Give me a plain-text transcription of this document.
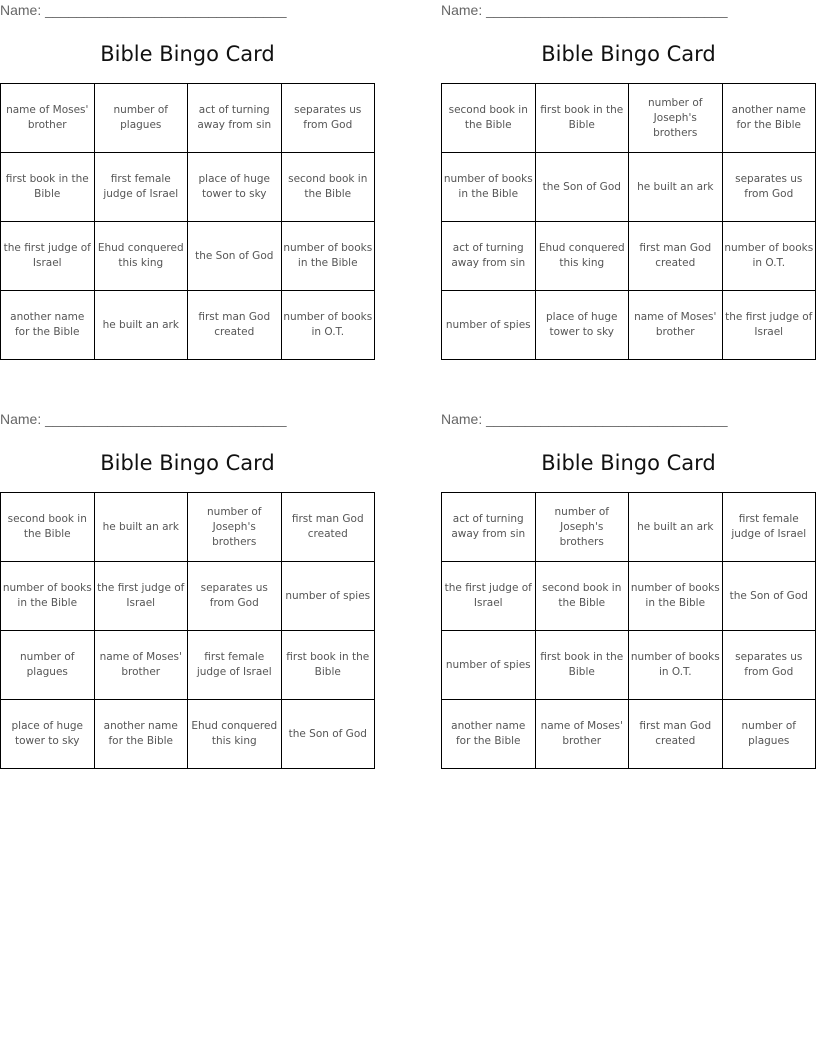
Name: _______________________________
Bible Bingo Card
name of Moses' brother	number of plagues	act of turning away from sin	separates us from God
first book in the Bible	first female judge of Israel	place of huge tower to sky	second book in the Bible
the first judge of Israel	Ehud conquered this king	the Son of God	number of books in the Bible
another name for the Bible	he built an ark	first man God created	number of books in O.T.
Name: _______________________________
Bible Bingo Card
second book in the Bible	first book in the Bible	number of Joseph's brothers	another name for the Bible
number of books in the Bible	the Son of God	he built an ark	separates us from God
act of turning away from sin	Ehud conquered this king	first man God created	number of books in O.T.
number of spies	place of huge tower to sky	name of Moses' brother	the first judge of Israel
Name: _______________________________
Bible Bingo Card
second book in the Bible	he built an ark	number of Joseph's brothers	first man God created
number of books in the Bible	the first judge of Israel	separates us from God	number of spies
number of plagues	name of Moses' brother	first female judge of Israel	first book in the Bible
place of huge tower to sky	another name for the Bible	Ehud conquered this king	the Son of God
Name: _______________________________
Bible Bingo Card
act of turning away from sin	number of Joseph's brothers	he built an ark	first female judge of Israel
the first judge of Israel	second book in the Bible	number of books in the Bible	the Son of God
number of spies	first book in the Bible	number of books in O.T.	separates us from God
another name for the Bible	name of Moses' brother	first man God created	number of plagues
